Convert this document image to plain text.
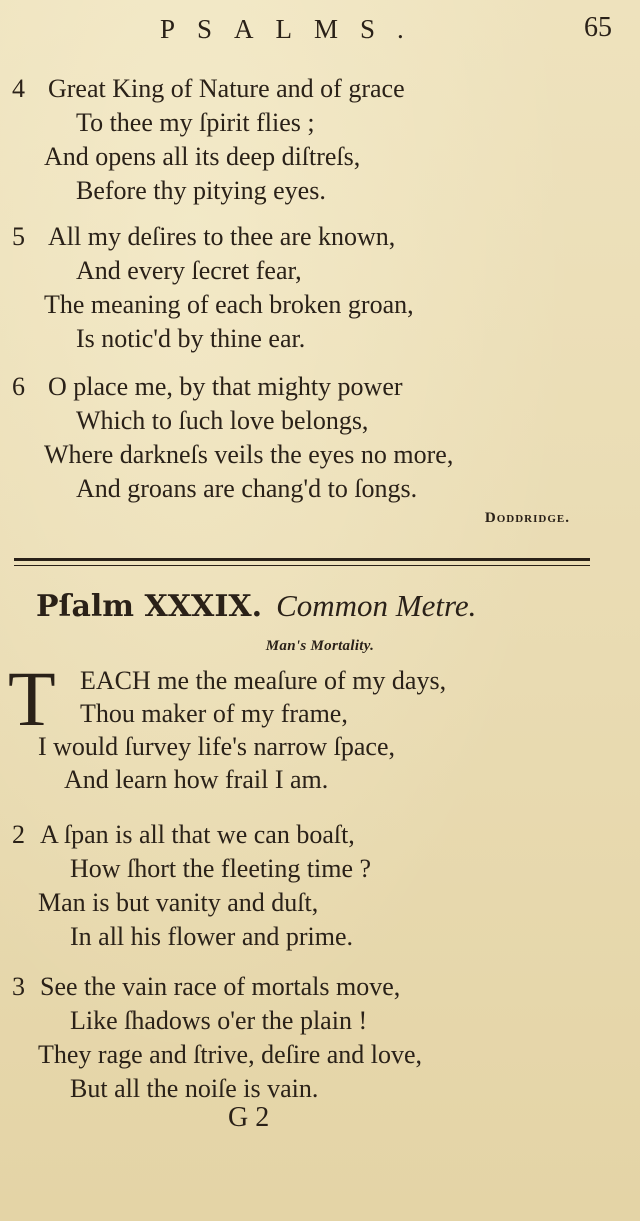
PSALMS.	65
4 Great King of Nature and of grace
To thee my ſpirit flies ;
And opens all its deep diſtreſs,
Before thy pitying eyes.
5 All my deſires to thee are known,
And every ſecret fear,
The meaning of each broken groan,
Is notic'd by thine ear.
6 O place me, by that mighty power
Which to ſuch love belongs,
Where darkneſs veils the eyes no more,
And groans are chang'd to ſongs.
Doddridge.
Pſalm XXXIX. Common Metre.
Man's Mortality.
T EACH me the meaſure of my days,
Thou maker of my frame,
I would ſurvey life's narrow ſpace,
And learn how frail I am.
2 A ſpan is all that we can boaſt,
How ſhort the fleeting time ?
Man is but vanity and duſt,
In all his flower and prime.
3 See the vain race of mortals move,
Like ſhadows o'er the plain !
They rage and ſtrive, deſire and love,
But all the noiſe is vain.
G 2
